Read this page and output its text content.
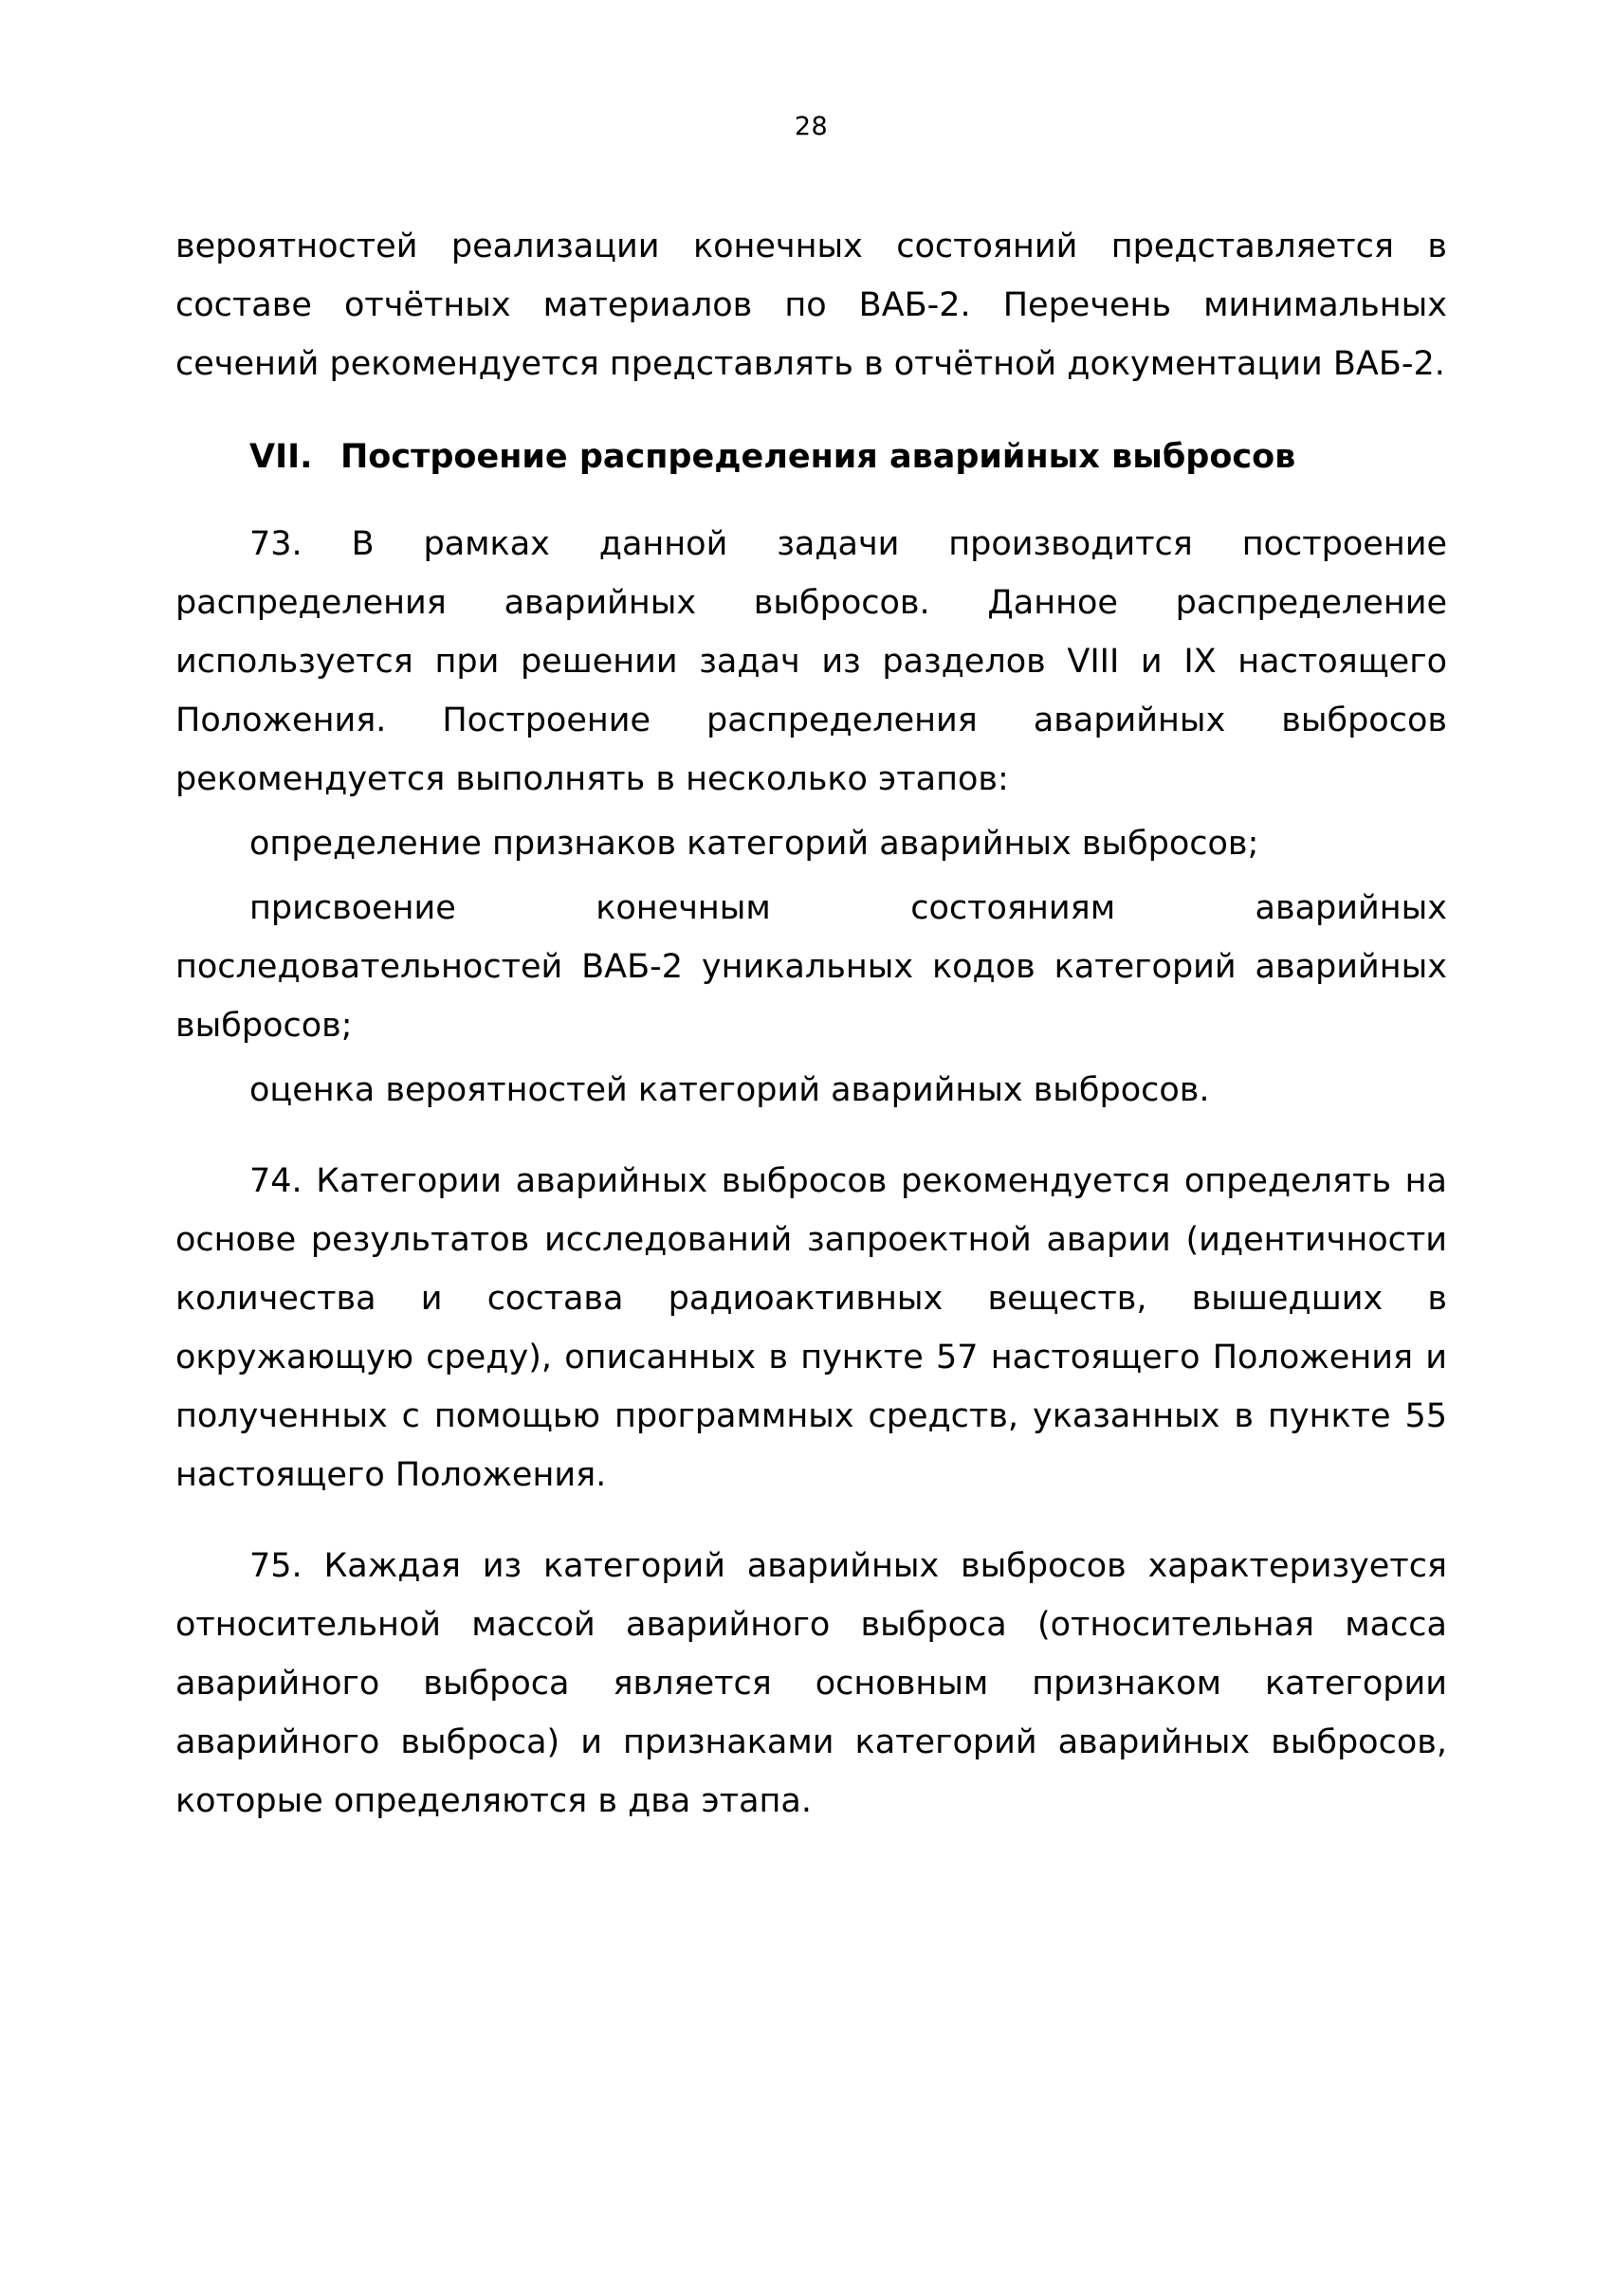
28

вероятностей реализации конечных состояний представляется в составе отчётных материалов по ВАБ-2. Перечень минимальных сечений рекомендуется представлять в отчётной документации ВАБ-2.

VII. Построение распределения аварийных выбросов

73. В рамках данной задачи производится построение распределения аварийных выбросов. Данное распределение используется при решении задач из разделов VIII и IX настоящего Положения. Построение распределения аварийных выбросов рекомендуется выполнять в несколько этапов:

определение признаков категорий аварийных выбросов;

присвоение конечным состояниям аварийных последовательностей ВАБ-2 уникальных кодов категорий аварийных выбросов;

оценка вероятностей категорий аварийных выбросов.

74. Категории аварийных выбросов рекомендуется определять на основе результатов исследований запроектной аварии (идентичности количества и состава радиоактивных веществ, вышедших в окружающую среду), описанных в пункте 57 настоящего Положения и полученных с помощью программных средств, указанных в пункте 55 настоящего Положения.

75. Каждая из категорий аварийных выбросов характеризуется относительной массой аварийного выброса (относительная масса аварийного выброса является основным признаком категории аварийного выброса) и признаками категорий аварийных выбросов, которые определяются в два этапа.
